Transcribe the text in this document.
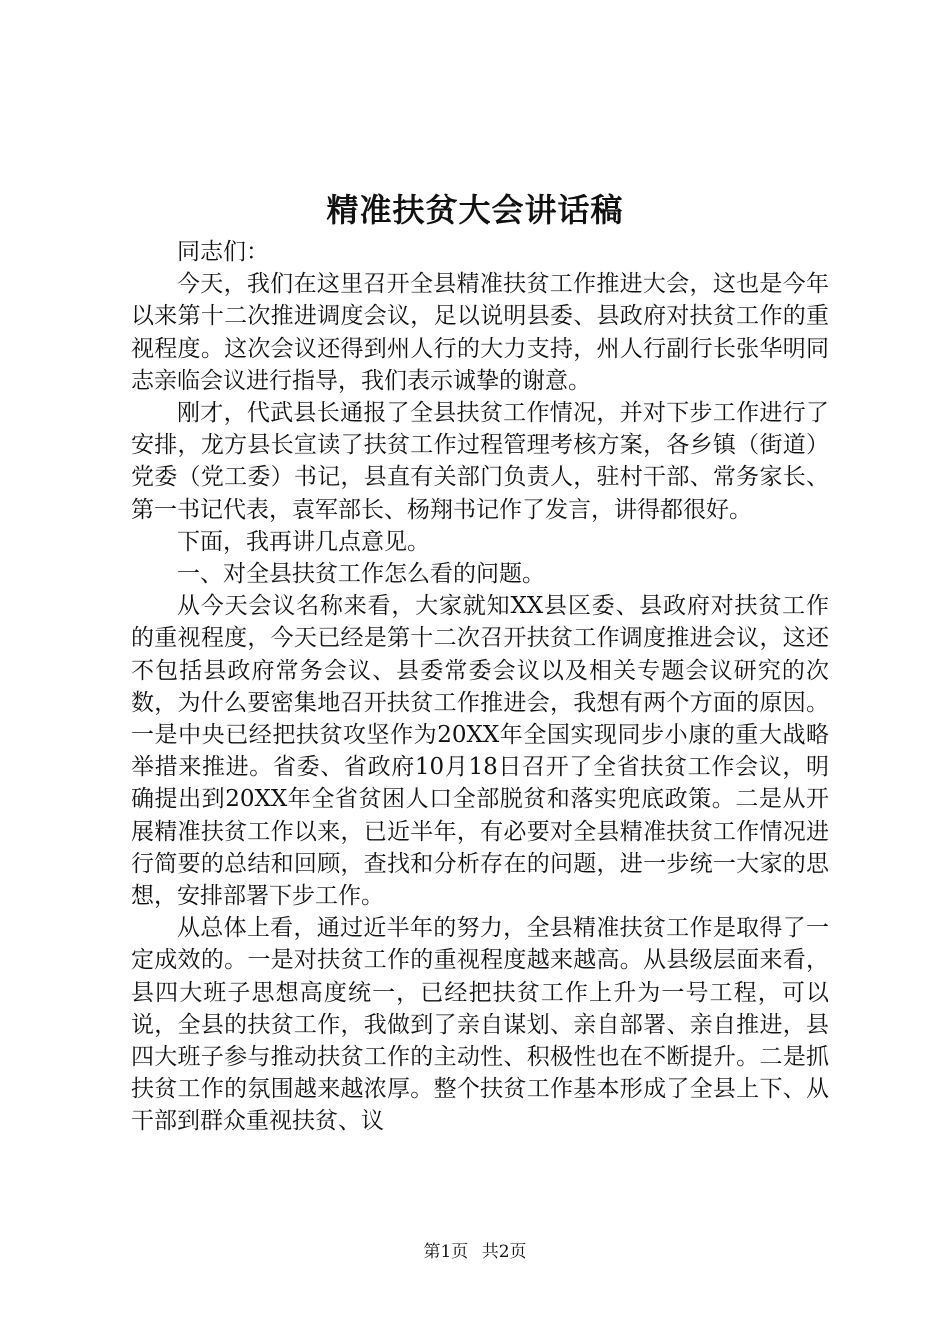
精准扶贫大会讲话稿

同志们：

今天，我们在这里召开全县精准扶贫工作推进大会，这也是今年以来第十二次推进调度会议，足以说明县委、县政府对扶贫工作的重视程度。这次会议还得到州人行的大力支持，州人行副行长张华明同志亲临会议进行指导，我们表示诚挚的谢意。

刚才，代武县长通报了全县扶贫工作情况，并对下步工作进行了安排，龙方县长宣读了扶贫工作过程管理考核方案，各乡镇（街道）党委（党工委）书记，县直有关部门负责人，驻村干部、常务家长、第一书记代表，袁军部长、杨翔书记作了发言，讲得都很好。

下面，我再讲几点意见。

一、对全县扶贫工作怎么看的问题。

从今天会议名称来看，大家就知XX县区委、县政府对扶贫工作的重视程度，今天已经是第十二次召开扶贫工作调度推进会议，这还不包括县政府常务会议、县委常委会议以及相关专题会议研究的次数，为什么要密集地召开扶贫工作推进会，我想有两个方面的原因。一是中央已经把扶贫攻坚作为20XX年全国实现同步小康的重大战略举措来推进。省委、省政府10月18日召开了全省扶贫工作会议，明确提出到20XX年全省贫困人口全部脱贫和落实兜底政策。二是从开展精准扶贫工作以来，已近半年，有必要对全县精准扶贫工作情况进行简要的总结和回顾，查找和分析存在的问题，进一步统一大家的思想，安排部署下步工作。

从总体上看，通过近半年的努力，全县精准扶贫工作是取得了一定成效的。一是对扶贫工作的重视程度越来越高。从县级层面来看，县四大班子思想高度统一，已经把扶贫工作上升为一号工程，可以说，全县的扶贫工作，我做到了亲自谋划、亲自部署、亲自推进，县四大班子参与推动扶贫工作的主动性、积极性也在不断提升。二是抓扶贫工作的氛围越来越浓厚。整个扶贫工作基本形成了全县上下、从干部到群众重视扶贫、议

第1页 共2页
